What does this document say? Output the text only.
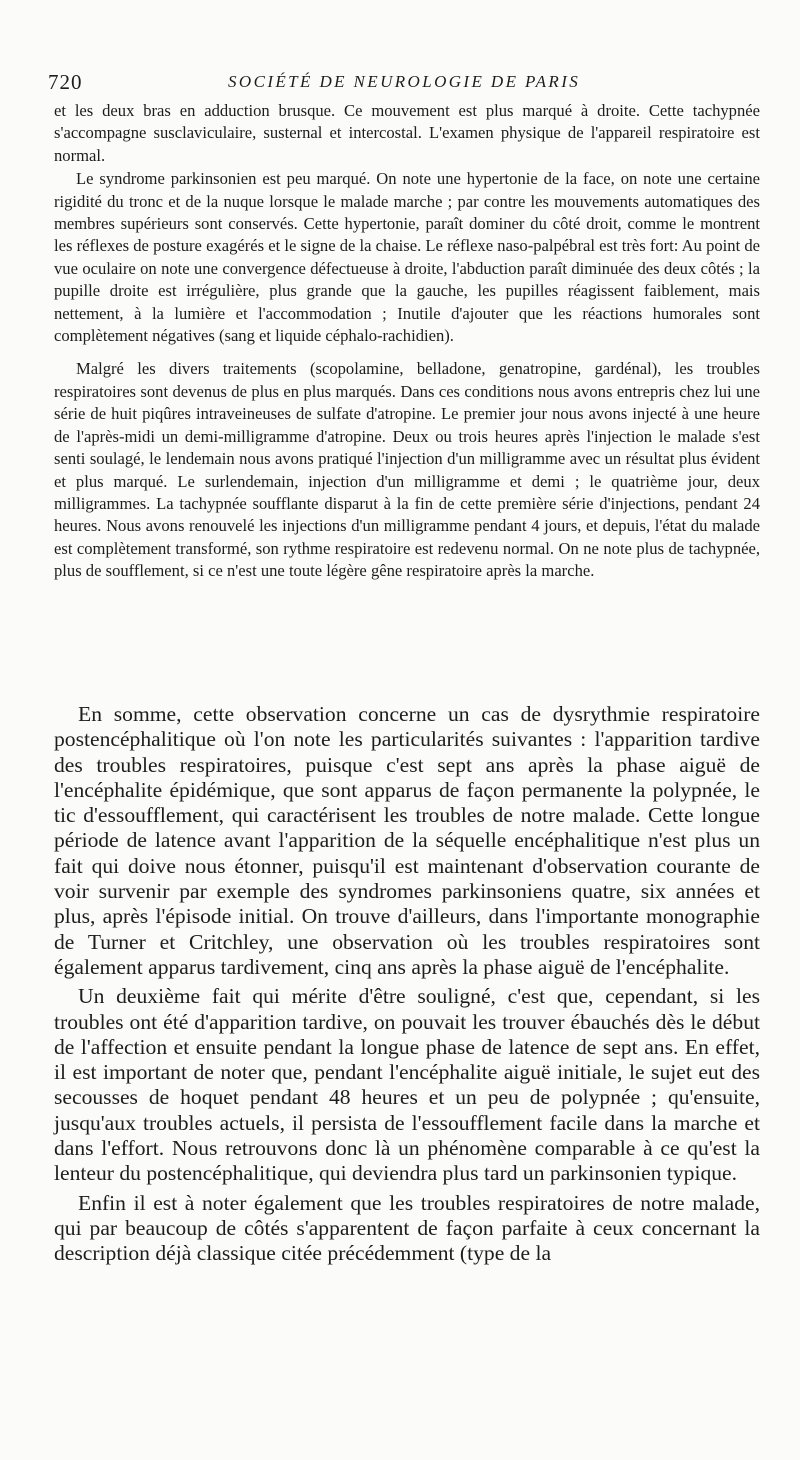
720	SOCIÉTÉ DE NEUROLOGIE DE PARIS

et les deux bras en adduction brusque. Ce mouvement est plus marqué à droite. Cette tachypnée s'accompagne susclaviculaire, susternal et intercostal. L'examen physique de l'appareil respiratoire est normal.

Le syndrome parkinsonien est peu marqué. On note une hypertonie de la face, on note une certaine rigidité du tronc et de la nuque lorsque le malade marche ; par contre les mouvements automatiques des membres supérieurs sont conservés. Cette hypertonie, paraît dominer du côté droit, comme le montrent les réflexes de posture exagérés et le signe de la chaise. Le réflexe naso-palpébral est très fort: Au point de vue oculaire on note une convergence défectueuse à droite, l'abduction paraît diminuée des deux côtés ; la pupille droite est irrégulière, plus grande que la gauche, les pupilles réagissent faiblement, mais nettement, à la lumière et l'accommodation ; Inutile d'ajouter que les réactions humorales sont complètement négatives (sang et liquide céphalo-rachidien).

Malgré les divers traitements (scopolamine, belladone, genatropine, gardénal), les troubles respiratoires sont devenus de plus en plus marqués. Dans ces conditions nous avons entrepris chez lui une série de huit piqûres intraveineuses de sulfate d'atropine. Le premier jour nous avons injecté à une heure de l'après-midi un demi-milligramme d'atropine. Deux ou trois heures après l'injection le malade s'est senti soulagé, le lendemain nous avons pratiqué l'injection d'un milligramme avec un résultat plus évident et plus marqué. Le surlendemain, injection d'un milligramme et demi ; le quatrième jour, deux milligrammes. La tachypnée soufflante disparut à la fin de cette première série d'injections, pendant 24 heures. Nous avons renouvelé les injections d'un milligramme pendant 4 jours, et depuis, l'état du malade est complètement transformé, son rythme respiratoire est redevenu normal. On ne note plus de tachypnée, plus de soufflement, si ce n'est une toute légère gêne respiratoire après la marche.

En somme, cette observation concerne un cas de dysrythmie respiratoire postencéphalitique où l'on note les particularités suivantes : l'apparition tardive des troubles respiratoires, puisque c'est sept ans après la phase aiguë de l'encéphalite épidémique, que sont apparus de façon permanente la polypnée, le tic d'essoufflement, qui caractérisent les troubles de notre malade. Cette longue période de latence avant l'apparition de la séquelle encéphalitique n'est plus un fait qui doive nous étonner, puisqu'il est maintenant d'observation courante de voir survenir par exemple des syndromes parkinsoniens quatre, six années et plus, après l'épisode initial. On trouve d'ailleurs, dans l'importante monographie de Turner et Critchley, une observation où les troubles respiratoires sont également apparus tardivement, cinq ans après la phase aiguë de l'encéphalite.

Un deuxième fait qui mérite d'être souligné, c'est que, cependant, si les troubles ont été d'apparition tardive, on pouvait les trouver ébauchés dès le début de l'affection et ensuite pendant la longue phase de latence de sept ans. En effet, il est important de noter que, pendant l'encéphalite aiguë initiale, le sujet eut des secousses de hoquet pendant 48 heures et un peu de polypnée ; qu'ensuite, jusqu'aux troubles actuels, il persista de l'essoufflement facile dans la marche et dans l'effort. Nous retrouvons donc là un phénomène comparable à ce qu'est la lenteur du postencéphalitique, qui deviendra plus tard un parkinsonien typique.

Enfin il est à noter également que les troubles respiratoires de notre malade, qui par beaucoup de côtés s'apparentent de façon parfaite à ceux concernant la description déjà classique citée précédemment (type de la
